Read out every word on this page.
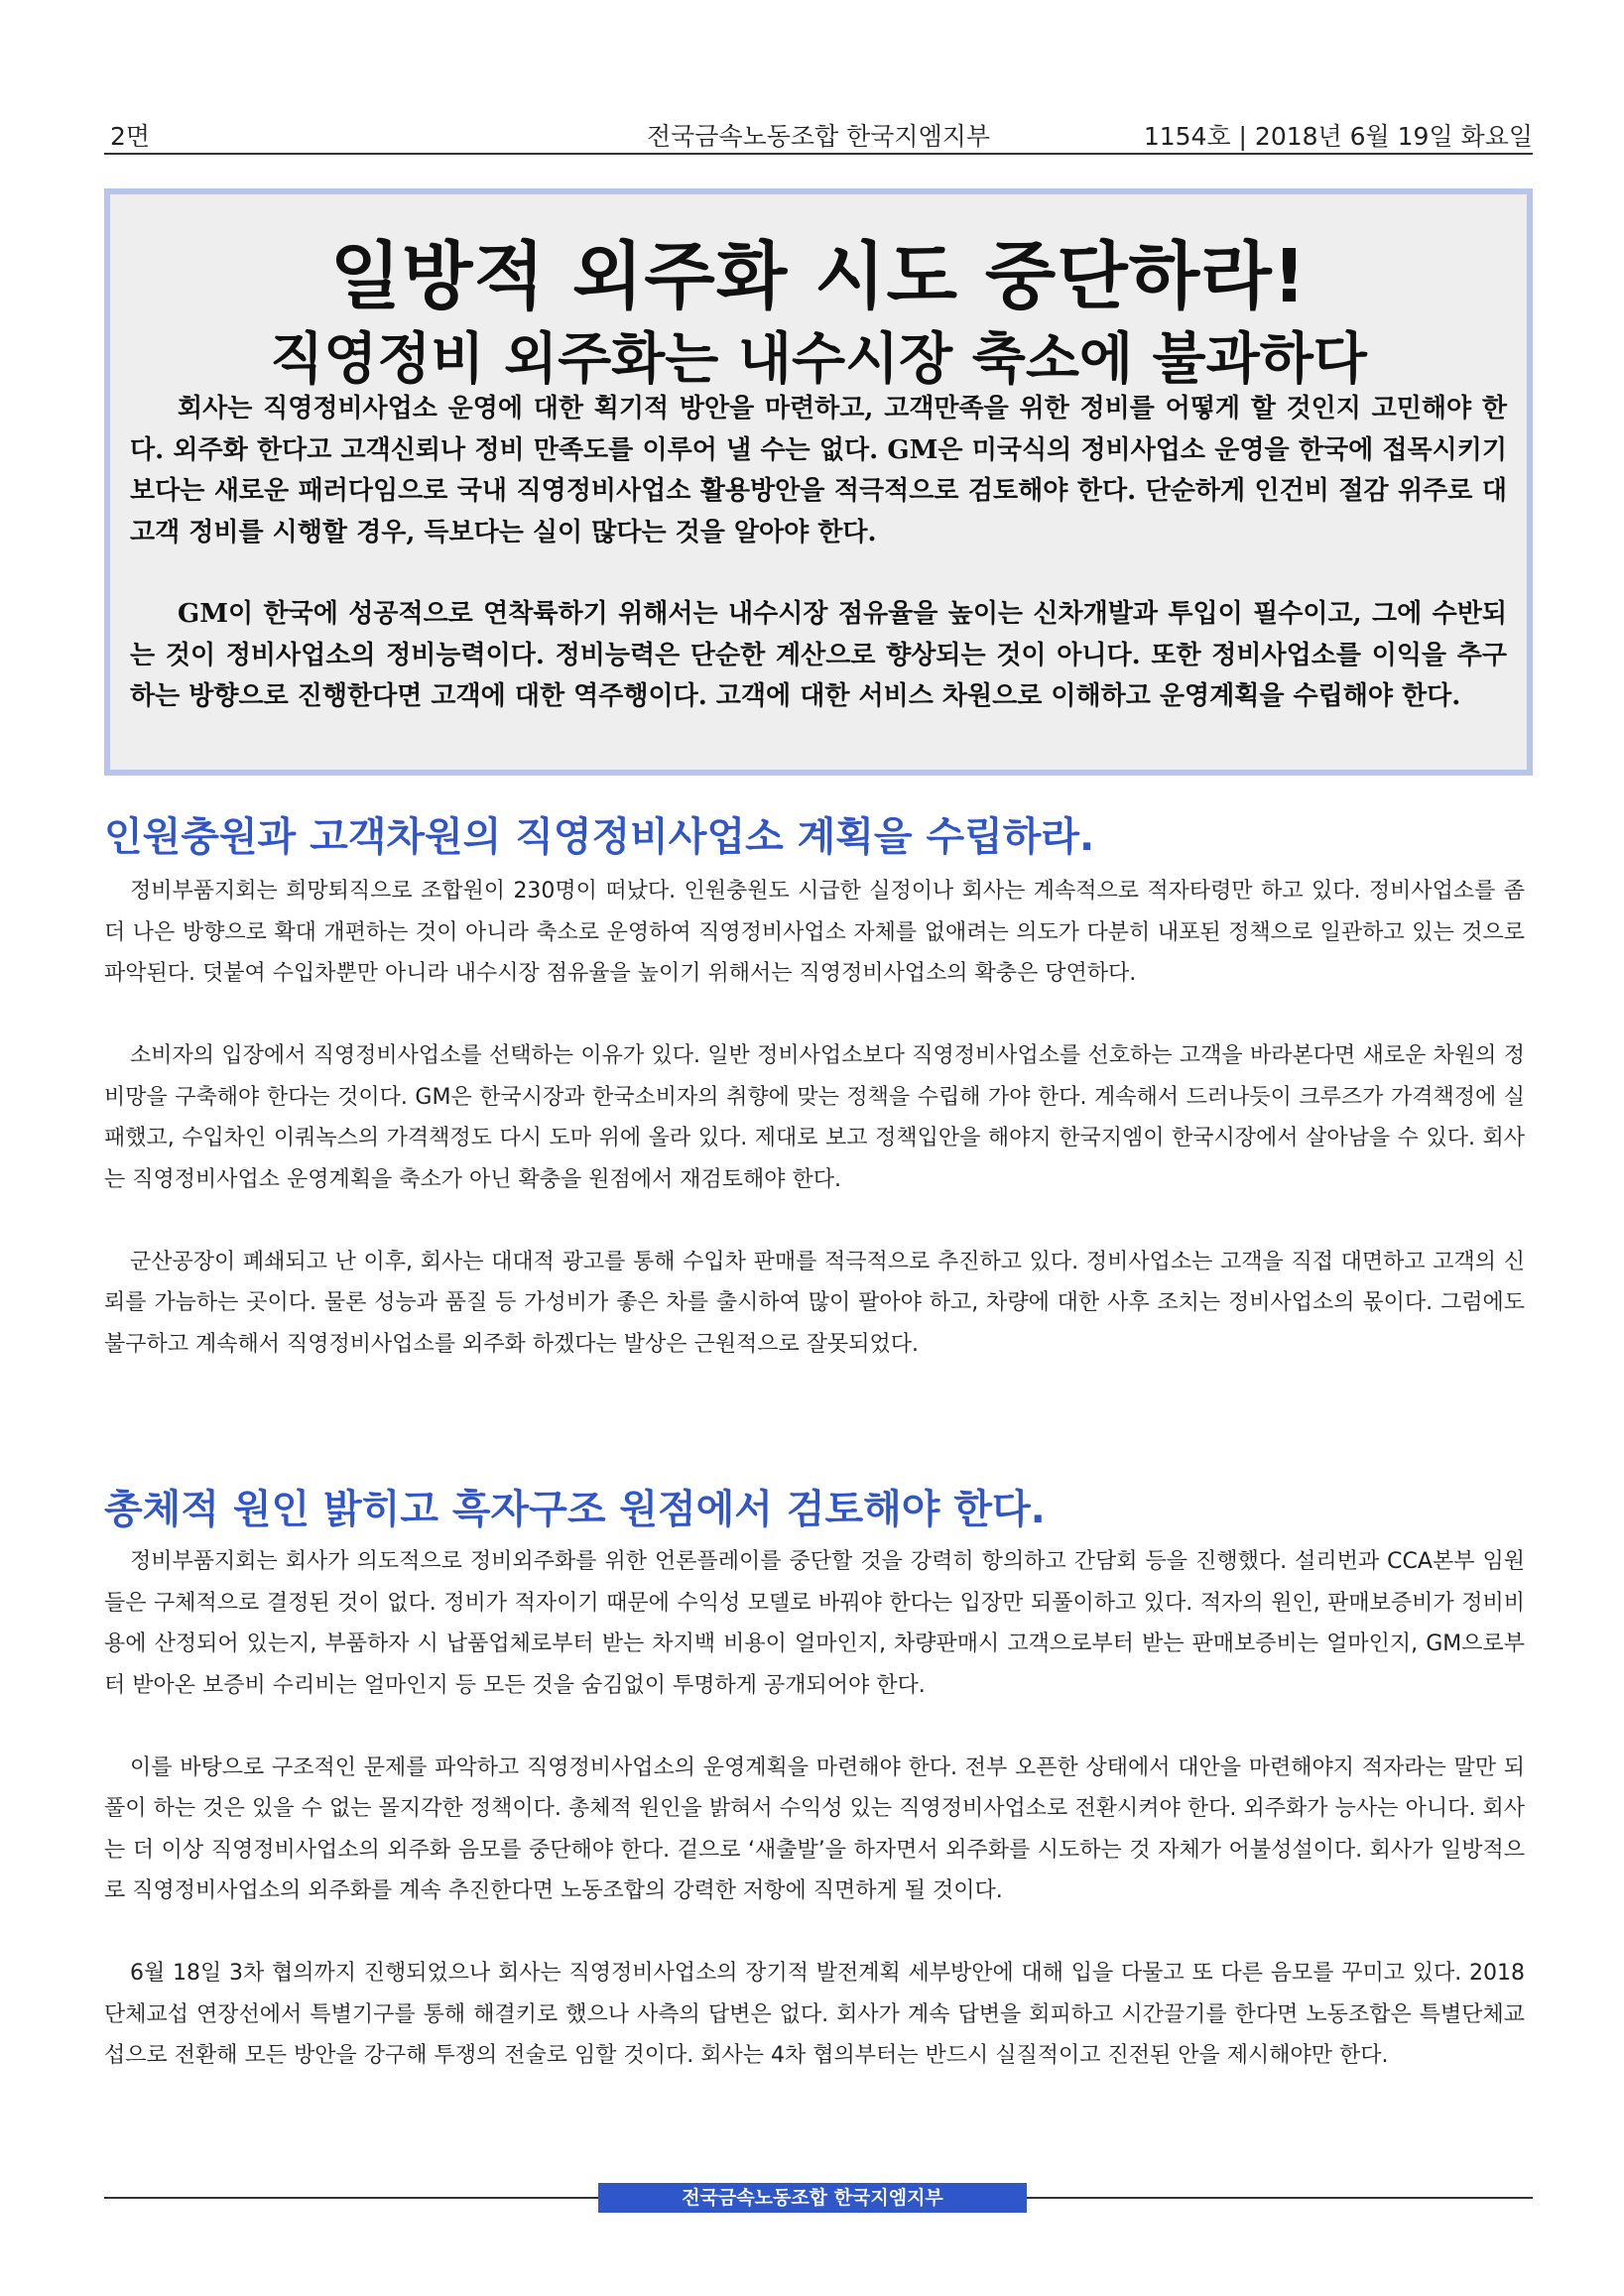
2면	전국금속노동조합 한국지엠지부	1154호 | 2018년 6월 19일 화요일
일방적 외주화 시도 중단하라!
직영정비 외주화는 내수시장 축소에 불과하다

회사는 직영정비사업소 운영에 대한 획기적 방안을 마련하고, 고객만족을 위한 정비를 어떻게 할 것인지 고민해야 한다. 외주화 한다고 고객신뢰나 정비 만족도를 이루어 낼 수는 없다. GM은 미국식의 정비사업소 운영을 한국에 접목시키기 보다는 새로운 패러다임으로 국내 직영정비사업소 활용방안을 적극적으로 검토해야 한다. 단순하게 인건비 절감 위주로 대고객 정비를 시행할 경우, 득보다는 실이 많다는 것을 알아야 한다.

GM이 한국에 성공적으로 연착륙하기 위해서는 내수시장 점유율을 높이는 신차개발과 투입이 필수이고, 그에 수반되는 것이 정비사업소의 정비능력이다. 정비능력은 단순한 계산으로 향상되는 것이 아니다. 또한 정비사업소를 이익을 추구하는 방향으로 진행한다면 고객에 대한 역주행이다. 고객에 대한 서비스 차원으로 이해하고 운영계획을 수립해야 한다.

인원충원과 고객차원의 직영정비사업소 계획을 수립하라.

정비부품지회는 희망퇴직으로 조합원이 230명이 떠났다. 인원충원도 시급한 실정이나 회사는 계속적으로 적자타령만 하고 있다. 정비사업소를 좀 더 나은 방향으로 확대 개편하는 것이 아니라 축소로 운영하여 직영정비사업소 자체를 없애려는 의도가 다분히 내포된 정책으로 일관하고 있는 것으로 파악된다. 덧붙여 수입차뿐만 아니라 내수시장 점유율을 높이기 위해서는 직영정비사업소의 확충은 당연하다.

소비자의 입장에서 직영정비사업소를 선택하는 이유가 있다. 일반 정비사업소보다 직영정비사업소를 선호하는 고객을 바라본다면 새로운 차원의 정비망을 구축해야 한다는 것이다. GM은 한국시장과 한국소비자의 취향에 맞는 정책을 수립해 가야 한다. 계속해서 드러나듯이 크루즈가 가격책정에 실패했고, 수입차인 이쿼녹스의 가격책정도 다시 도마 위에 올라 있다. 제대로 보고 정책입안을 해야지 한국지엠이 한국시장에서 살아남을 수 있다. 회사는 직영정비사업소 운영계획을 축소가 아닌 확충을 원점에서 재검토해야 한다.

군산공장이 폐쇄되고 난 이후, 회사는 대대적 광고를 통해 수입차 판매를 적극적으로 추진하고 있다. 정비사업소는 고객을 직접 대면하고 고객의 신뢰를 가늠하는 곳이다. 물론 성능과 품질 등 가성비가 좋은 차를 출시하여 많이 팔아야 하고, 차량에 대한 사후 조치는 정비사업소의 몫이다. 그럼에도 불구하고 계속해서 직영정비사업소를 외주화 하겠다는 발상은 근원적으로 잘못되었다.

총체적 원인 밝히고 흑자구조 원점에서 검토해야 한다.

정비부품지회는 회사가 의도적으로 정비외주화를 위한 언론플레이를 중단할 것을 강력히 항의하고 간담회 등을 진행했다. 설리번과 CCA본부 임원들은 구체적으로 결정된 것이 없다. 정비가 적자이기 때문에 수익성 모델로 바꿔야 한다는 입장만 되풀이하고 있다. 적자의 원인, 판매보증비가 정비비용에 산정되어 있는지, 부품하자 시 납품업체로부터 받는 차지백 비용이 얼마인지, 차량판매시 고객으로부터 받는 판매보증비는 얼마인지, GM으로부터 받아온 보증비 수리비는 얼마인지 등 모든 것을 숨김없이 투명하게 공개되어야 한다.

이를 바탕으로 구조적인 문제를 파악하고 직영정비사업소의 운영계획을 마련해야 한다. 전부 오픈한 상태에서 대안을 마련해야지 적자라는 말만 되풀이 하는 것은 있을 수 없는 몰지각한 정책이다. 총체적 원인을 밝혀서 수익성 있는 직영정비사업소로 전환시켜야 한다. 외주화가 능사는 아니다. 회사는 더 이상 직영정비사업소의 외주화 음모를 중단해야 한다. 겉으로 ‘새출발’을 하자면서 외주화를 시도하는 것 자체가 어불성설이다. 회사가 일방적으로 직영정비사업소의 외주화를 계속 추진한다면 노동조합의 강력한 저항에 직면하게 될 것이다.

6월 18일 3차 협의까지 진행되었으나 회사는 직영정비사업소의 장기적 발전계획 세부방안에 대해 입을 다물고 또 다른 음모를 꾸미고 있다. 2018단체교섭 연장선에서 특별기구를 통해 해결키로 했으나 사측의 답변은 없다. 회사가 계속 답변을 회피하고 시간끌기를 한다면 노동조합은 특별단체교섭으로 전환해 모든 방안을 강구해 투쟁의 전술로 임할 것이다. 회사는 4차 협의부터는 반드시 실질적이고 진전된 안을 제시해야만 한다.

전국금속노동조합 한국지엠지부
